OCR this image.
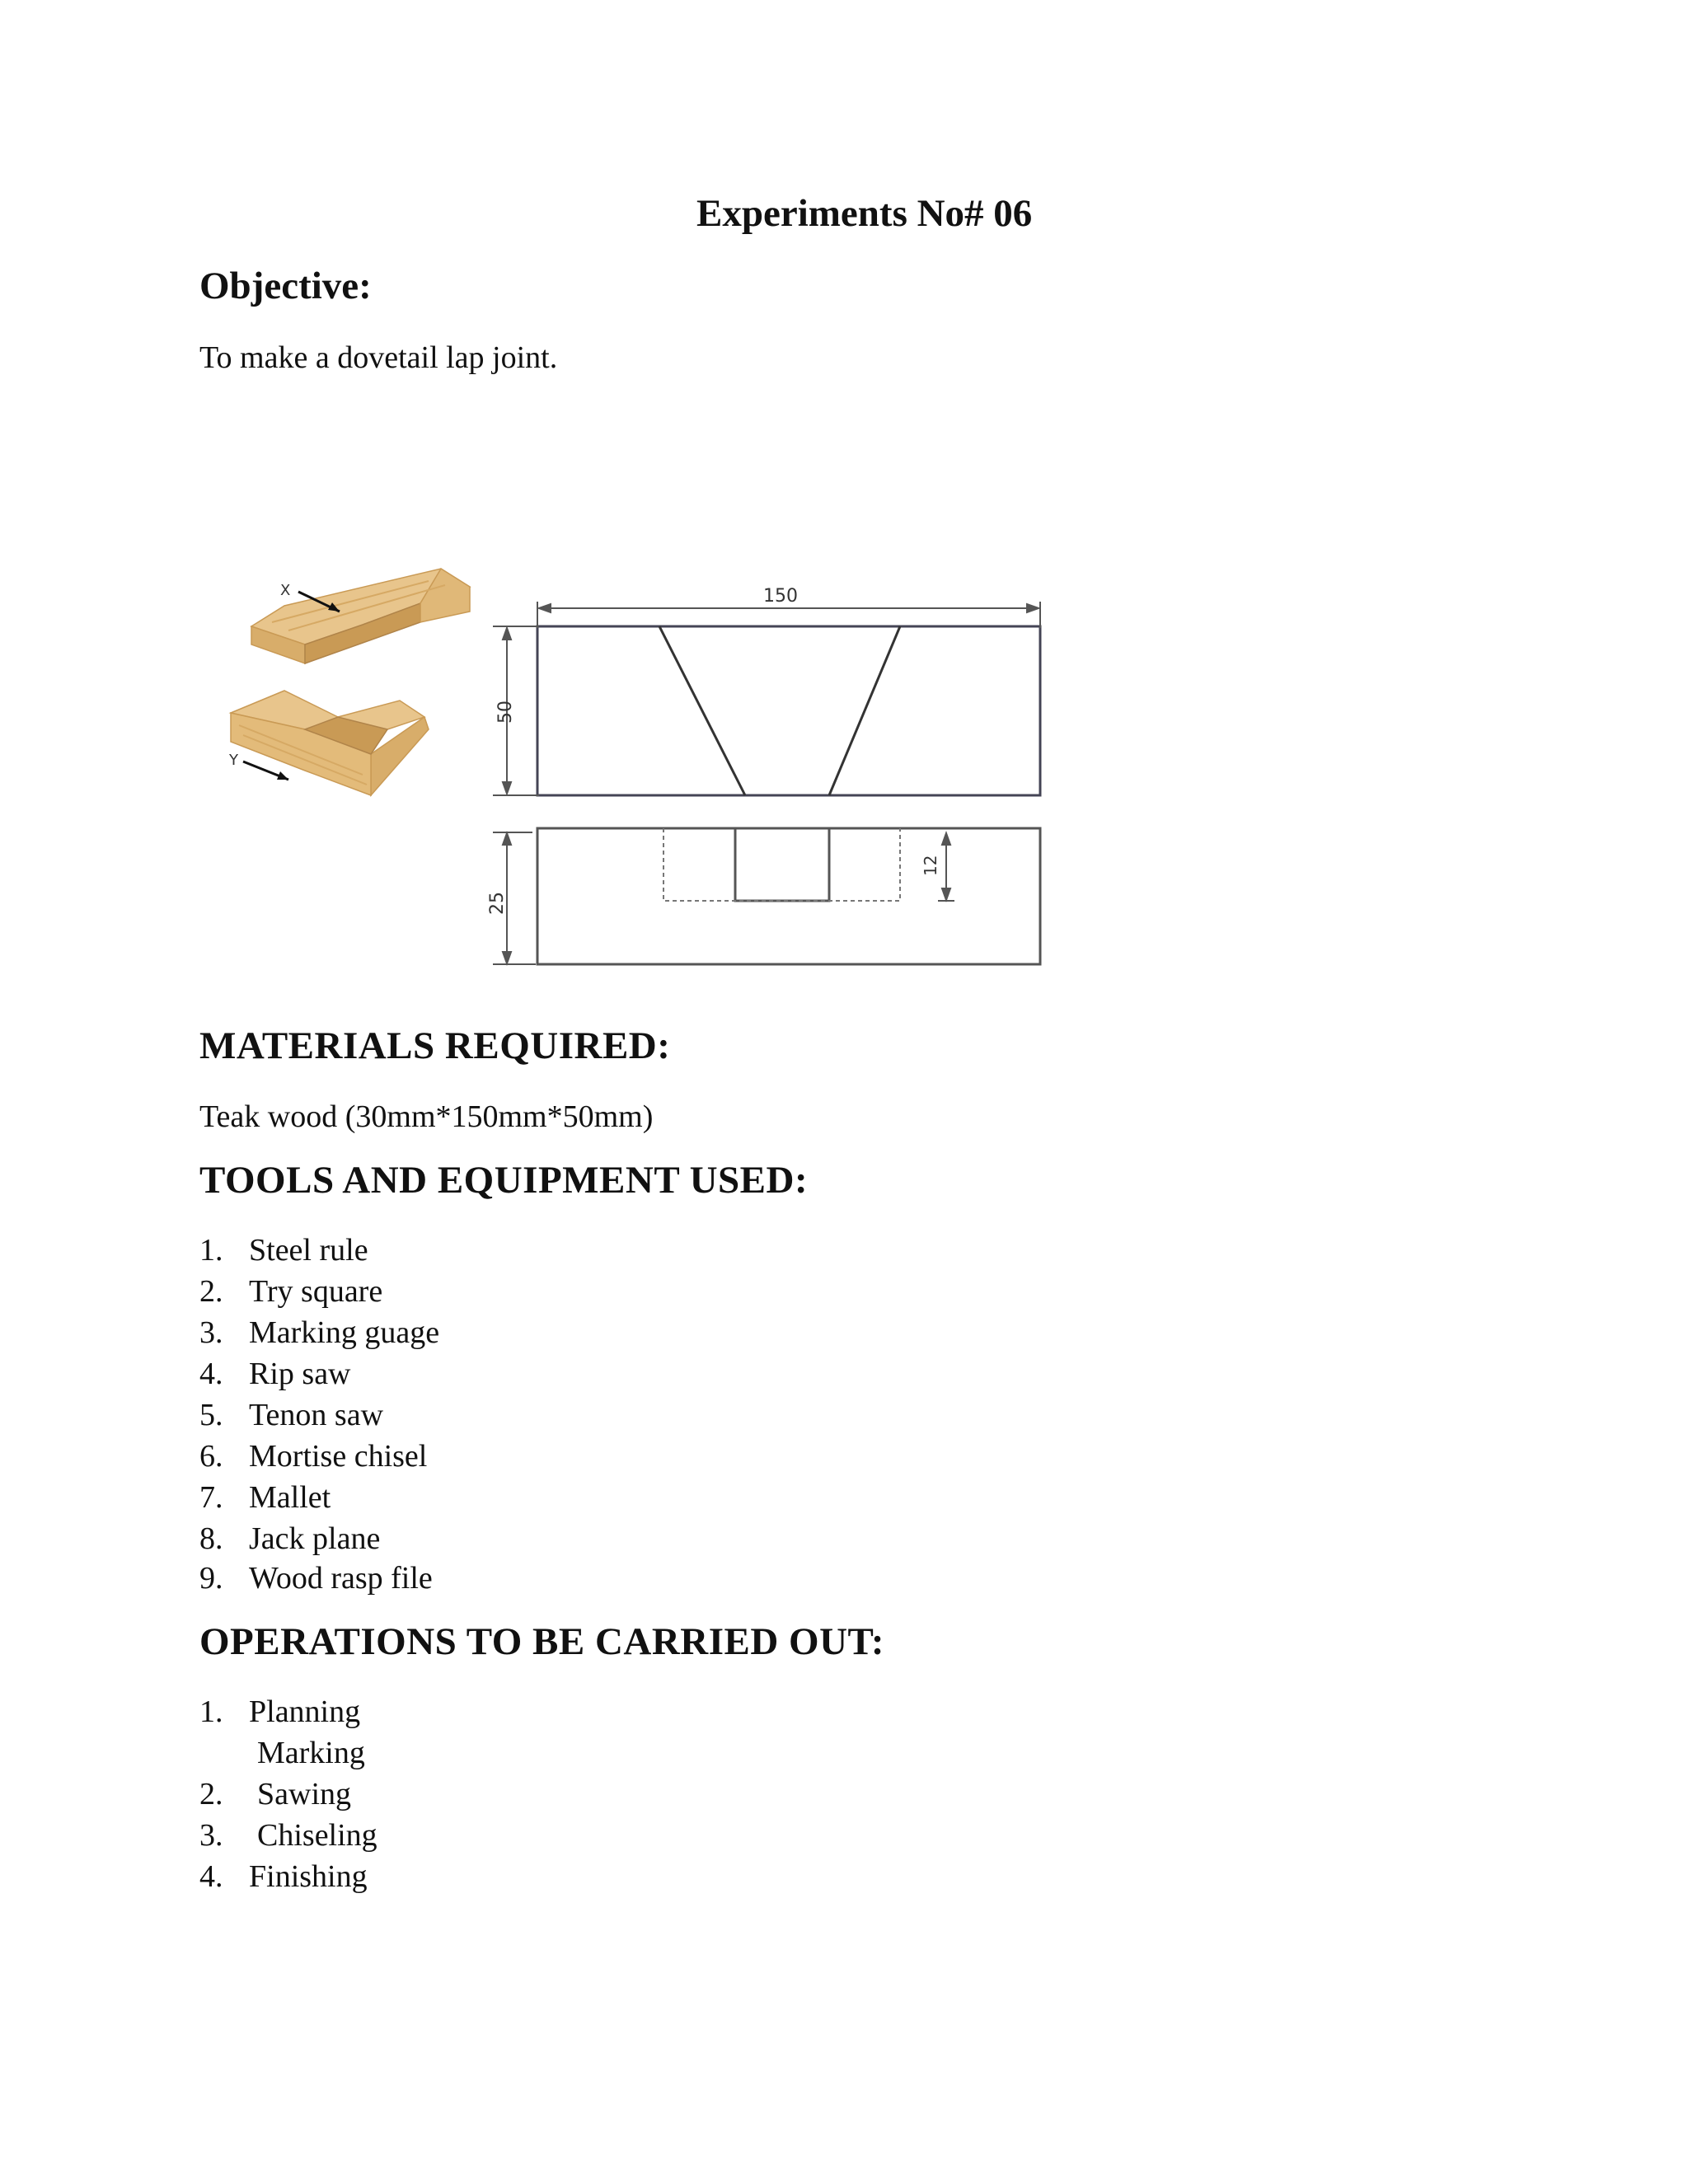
Experiments No# 06
Objective:
To make a dovetail lap joint.
X
Y
150
50
25
12
MATERIALS REQUIRED:
Teak wood (30mm*150mm*50mm)
TOOLS AND EQUIPMENT USED:
1. Steel rule
2. Try square
3. Marking guage
4. Rip saw
5. Tenon saw
6. Mortise chisel
7. Mallet
8. Jack plane
9. Wood rasp file
OPERATIONS TO BE CARRIED OUT:
1. Planning
Marking
2. Sawing
3. Chiseling
4. Finishing
